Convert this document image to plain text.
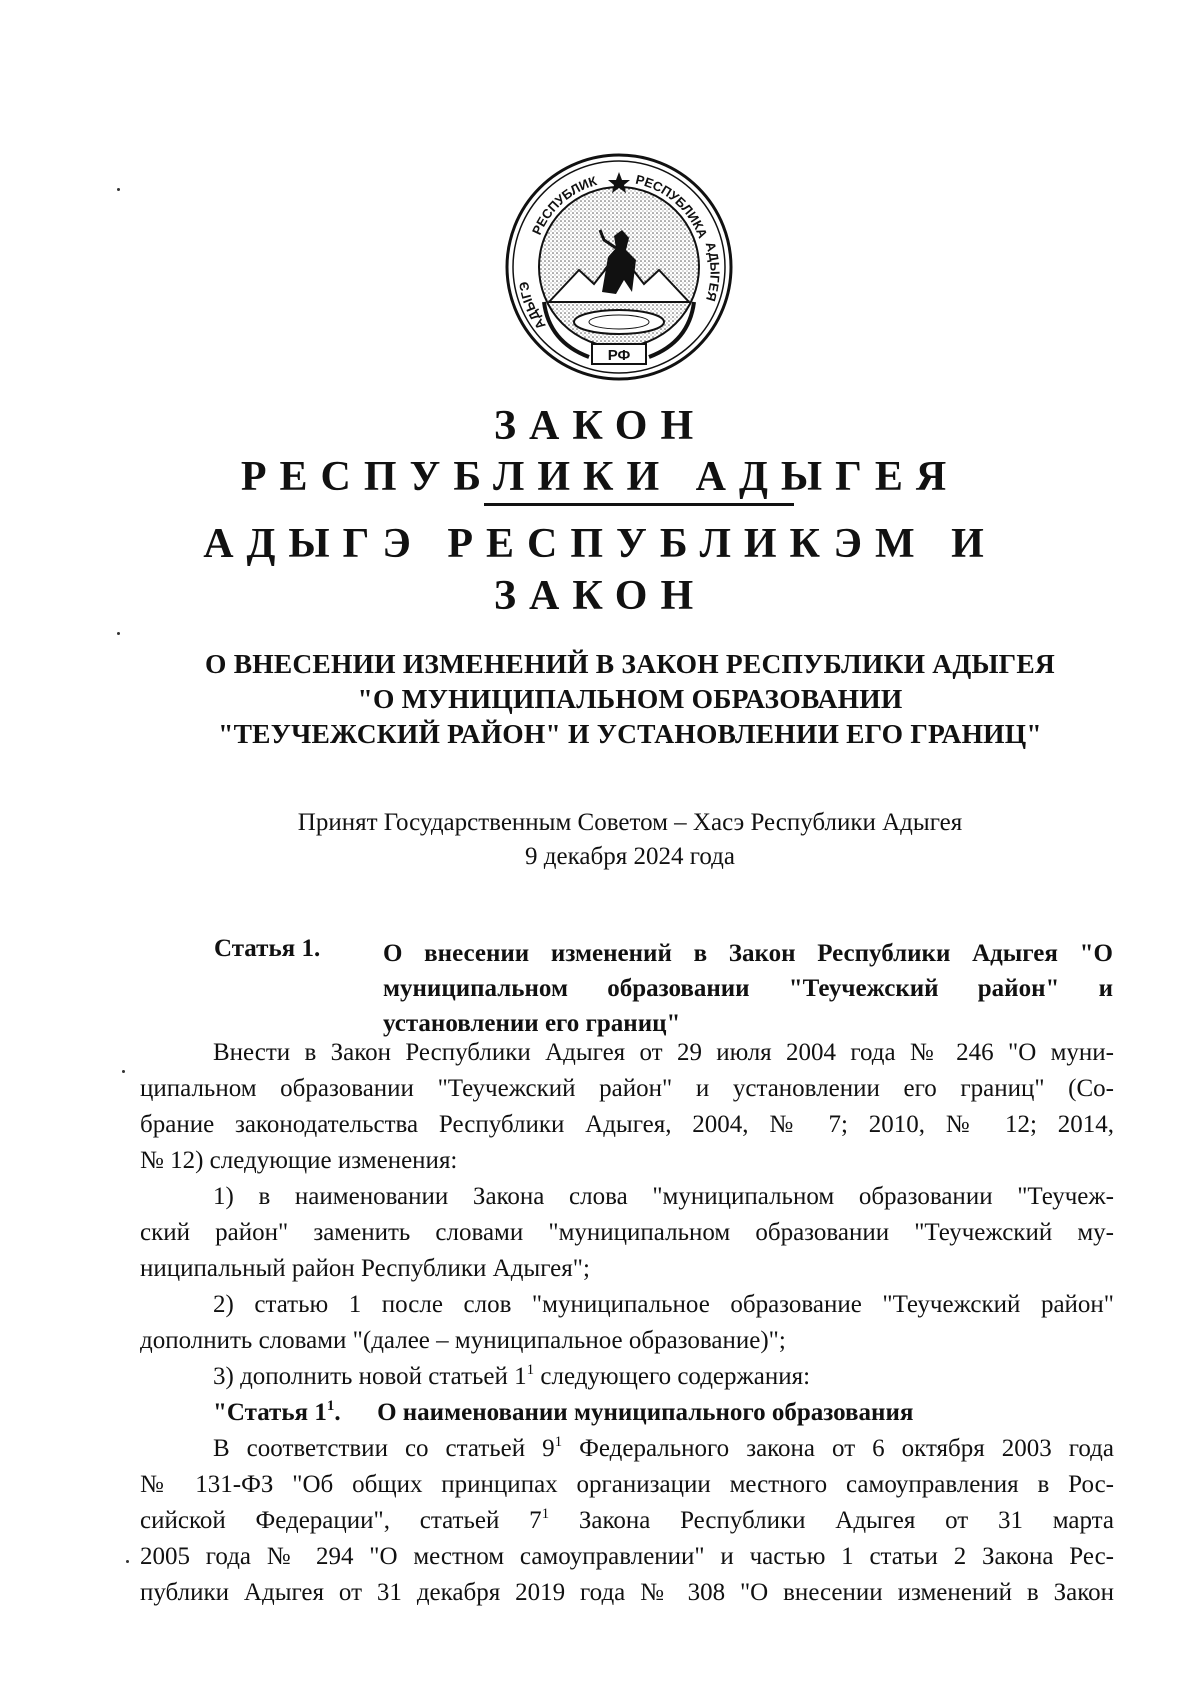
РЕСПУБЛИК	РЕСПУБЛИКА
АДЫГЭ
АДЫГЕЯ
РФ
ЗАКОН
РЕСПУБЛИКИ АДЫГЕЯ
АДЫГЭ РЕСПУБЛИКЭМ И
ЗАКОН
О ВНЕСЕНИИ ИЗМЕНЕНИЙ В ЗАКОН РЕСПУБЛИКИ АДЫГЕЯ
"О МУНИЦИПАЛЬНОМ ОБРАЗОВАНИИ
"ТЕУЧЕЖСКИЙ РАЙОН" И УСТАНОВЛЕНИИ ЕГО ГРАНИЦ"
Принят Государственным Советом – Хасэ Республики Адыгея
9 декабря 2024 года
Статья 1.	О внесении изменений в Закон Республики Адыгея "О муниципальном образовании "Теучежский район" и установлении его границ"
Внести в Закон Республики Адыгея от 29 июля 2004 года № 246 "О муни-
ципальном образовании "Теучежский район" и установлении его границ" (Со-
брание законодательства Республики Адыгея, 2004, № 7; 2010, № 12; 2014,
№ 12) следующие изменения:
1) в наименовании Закона слова "муниципальном образовании "Теучеж-
ский район" заменить словами "муниципальном образовании "Теучежский му-
ниципальный район Республики Адыгея";
2) статью 1 после слов "муниципальное образование "Теучежский район"
дополнить словами "(далее – муниципальное образование)";
3) дополнить новой статьей $1^1$ следующего содержания:
"Статья $1^1$. О наименовании муниципального образования
В соответствии со статьей $9^1$ Федерального закона от 6 октября 2003 года
№ 131-ФЗ "Об общих принципах организации местного самоуправления в Рос-
сийской Федерации", статьей $7^1$ Закона Республики Адыгея от 31 марта
2005 года № 294 "О местном самоуправлении" и частью 1 статьи 2 Закона Рес-
публики Адыгея от 31 декабря 2019 года № 308 "О внесении изменений в Закон
